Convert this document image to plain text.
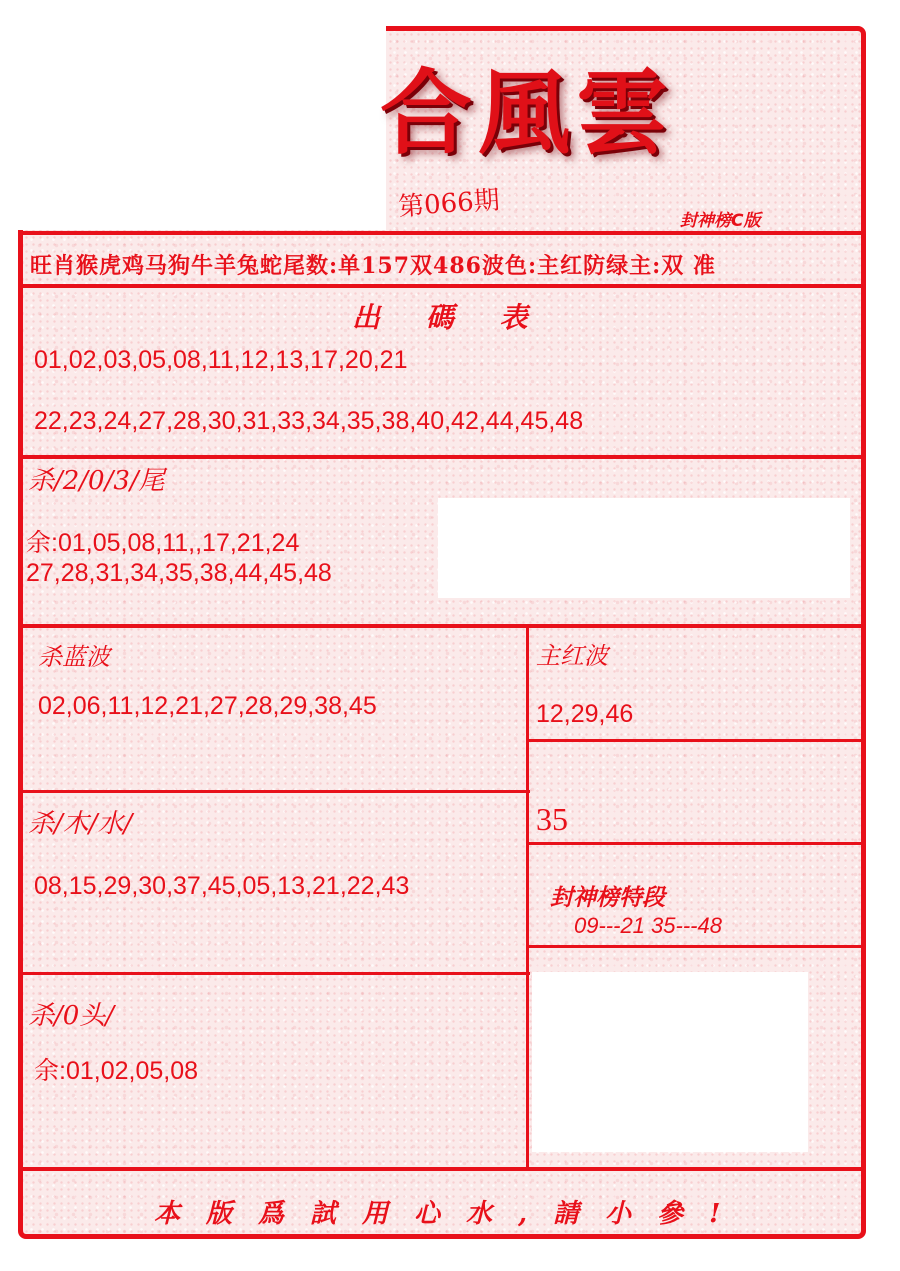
合風雲
第066期	封神榜C版
旺肖猴虎鸡马狗牛羊兔蛇尾数:单157双486波色:主红防绿主:双 准
出 碼 表
01,02,03,05,08,11,12,13,17,20,21
22,23,24,27,28,30,31,33,34,35,38,40,42,44,45,48
杀/2/0/3/尾
余:01,05,08,11,,17,21,24
27,28,31,34,35,38,44,45,48
杀蓝波
02,06,11,12,21,27,28,29,38,45
主红波
12,29,46
35
杀/木/水/
08,15,29,30,37,45,05,13,21,22,43	封神榜特段
09---21 35---48
杀/0头/
余:01,02,05,08
本版爲試用心水,請小參!
